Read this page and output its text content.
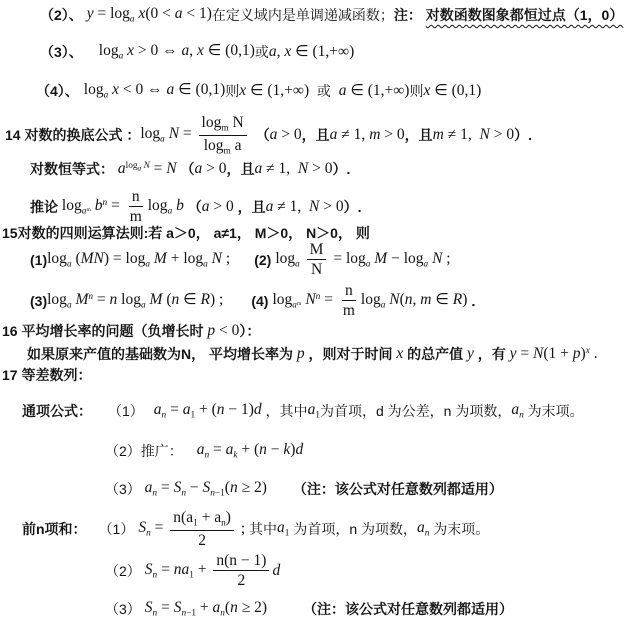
（2）、 $y = \log_a x(0 < a < 1)$ 在定义域内是单调递减函数； 注： 对数函数图象都恒过点（1，0）
（3）、 $\log_a x > 0$ ⇔ a, x ∈ (0,1) 或 a, x ∈ (1,+∞)
（4）、 $\log_a x < 0$ ⇔ a ∈ (0,1) 则 x ∈ (1,+∞) 或 a ∈ (1,+∞) 则 x ∈ (0,1)
14 对数的换底公式 ： $\log_a N = \frac{\log_m N}{\log_m a}$ （ a > 0 ，且 a ≠ 1, m > 0 ，且 m ≠ 1,  N > 0 ）.
对数恒等式： $a^{log_a N} = N$ （ a > 0 ，且 a ≠ 1,  N > 0 ）.
推论 $\log_{aᵐ} b^n = \frac{n}{m} \log_a b$ （ a > 0 ，且 a ≠ 1,  N > 0 ）.
15对数的四则运算法则:若 a＞0， a≠1， M＞0， N＞0， 则
(1) $\log_a (MN) = \log_a M + \log_a N$ ; (2) $\log_a \frac{M}{N} = \log_a M - \log_a N$ ;
(3) $\log_a M^n = n$ $\log_a M$ (n ∈ R) ; (4) $\log_{aᵐ} N^n = \frac{n}{m} \log_a N(n$, m ∈ R) ．
16 平均增长率的问题（负增长时 p < 0 ）：
如果原来产值的基础数为N， 平均增长率为 p ，则对于时间 x 的总产值 y ，有 $y = N(1 + p)^x$ .
17 等差数列：
通项公式： （1） $a_n = a_1 + (n - 1)d$ ，其中 $a_1$ 为首项，d 为公差，n 为项数， $a_n$ 为末项。
（2）推广： $a_n = a_k + (n - k)d$
（3） $a_n = S_n - S_{n-1}(n \ge 2)$ （注：该公式对任意数列都适用）
前n项和： （1） $S_n = \frac{n(a_1 + a_n)}{2}$ ; 其中 $a_1$ 为首项，n 为项数， $a_n$ 为末项。
（2） $S_n = na_1 + \frac{n(n - 1)}{2}$ d
（3） $S_n = S_{n-1} + a_n(n \ge 2)$	（注：该公式对任意数列都适用）
